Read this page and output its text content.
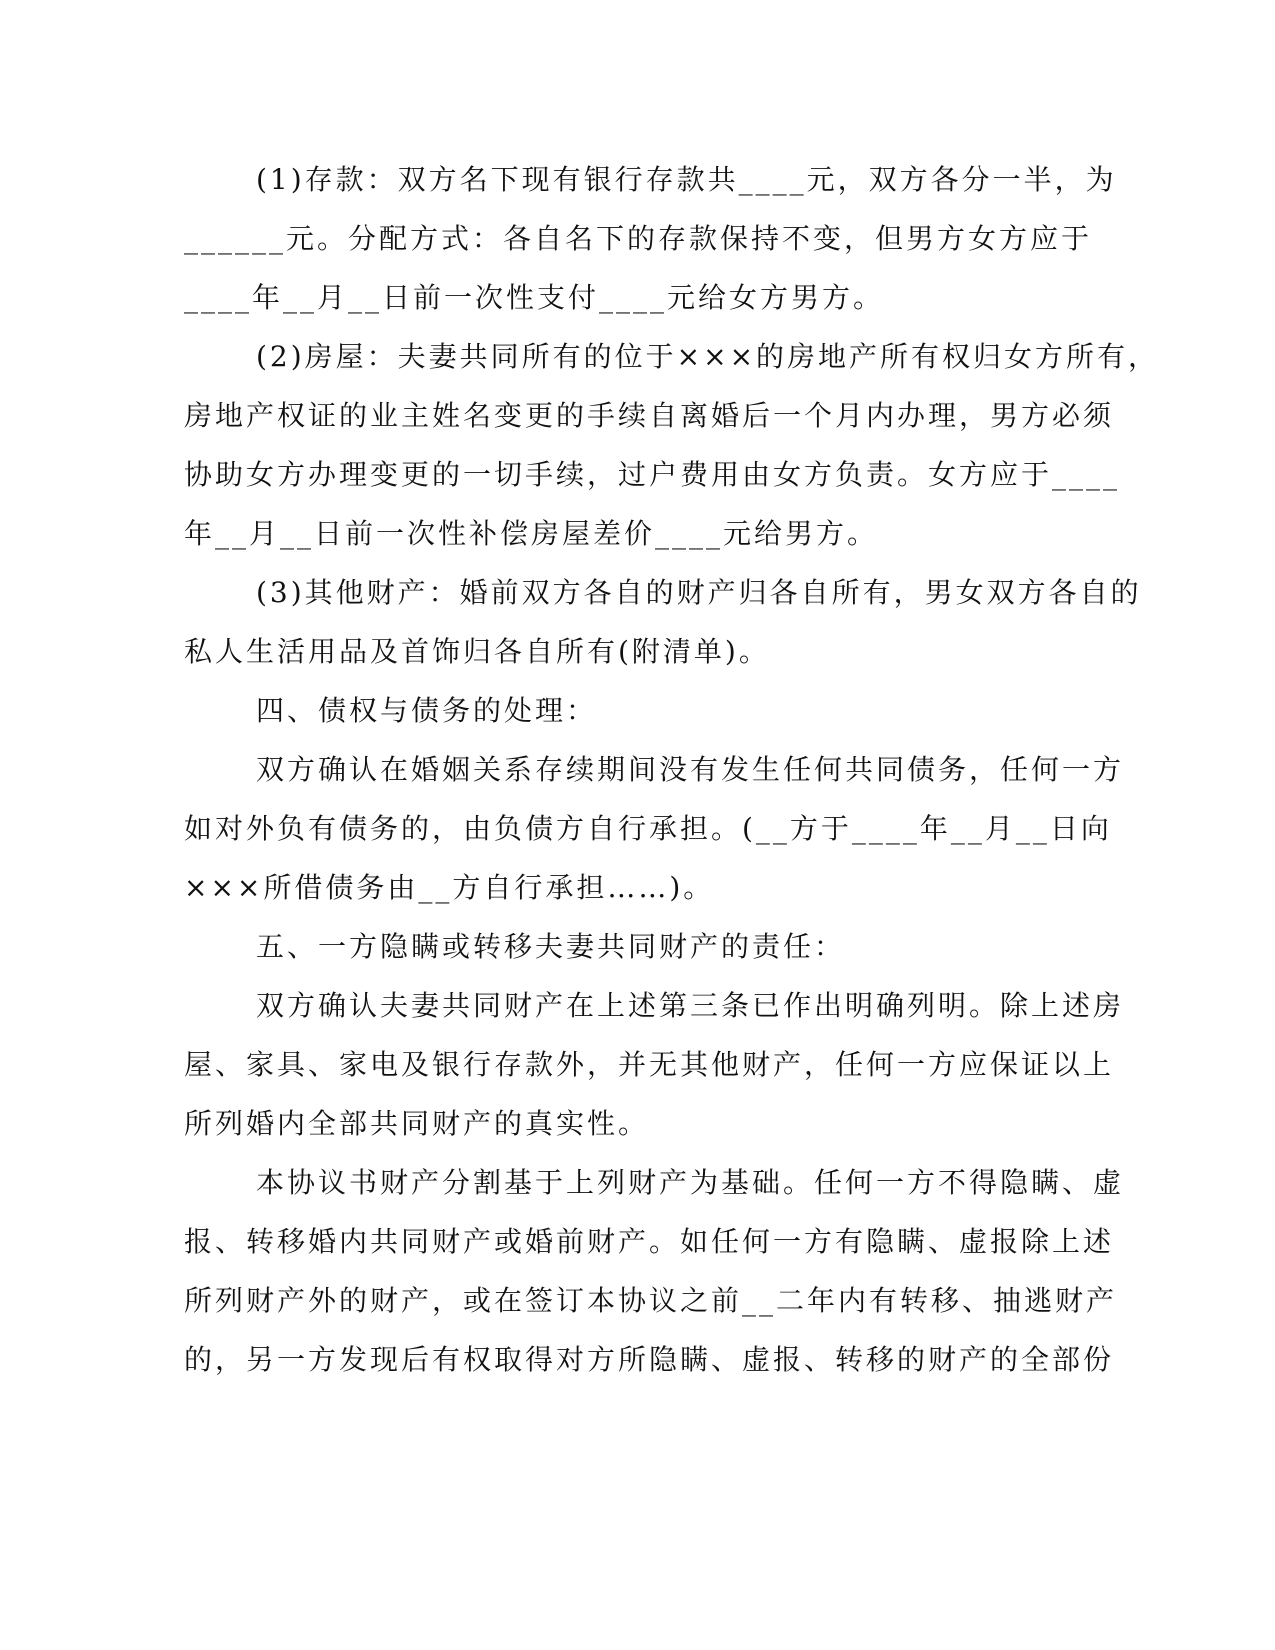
(1)存款：双方名下现有银行存款共____元，双方各分一半，为
______元。分配方式：各自名下的存款保持不变，但男方女方应于
____年__月__日前一次性支付____元给女方男方。
(2)房屋：夫妻共同所有的位于×××的房地产所有权归女方所有，
房地产权证的业主姓名变更的手续自离婚后一个月内办理，男方必须
协助女方办理变更的一切手续，过户费用由女方负责。女方应于____
年__月__日前一次性补偿房屋差价____元给男方。
(3)其他财产：婚前双方各自的财产归各自所有，男女双方各自的
私人生活用品及首饰归各自所有(附清单)。
四、债权与债务的处理：
双方确认在婚姻关系存续期间没有发生任何共同债务，任何一方
如对外负有债务的，由负债方自行承担。(__方于____年__月__日向
×××所借债务由__方自行承担……)。
五、一方隐瞒或转移夫妻共同财产的责任：
双方确认夫妻共同财产在上述第三条已作出明确列明。除上述房
屋、家具、家电及银行存款外，并无其他财产，任何一方应保证以上
所列婚内全部共同财产的真实性。
本协议书财产分割基于上列财产为基础。任何一方不得隐瞒、虚
报、转移婚内共同财产或婚前财产。如任何一方有隐瞒、虚报除上述
所列财产外的财产，或在签订本协议之前__二年内有转移、抽逃财产
的，另一方发现后有权取得对方所隐瞒、虚报、转移的财产的全部份
